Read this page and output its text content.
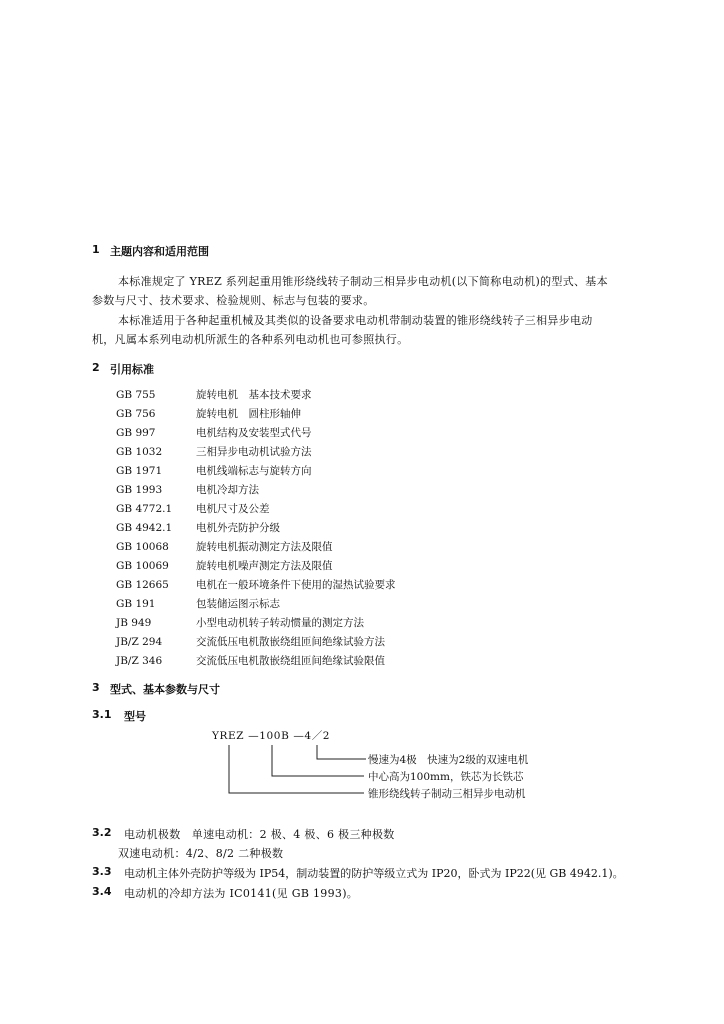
1 主题内容和适用范围
本标准规定了 YREZ 系列起重用锥形绕线转子制动三相异步电动机(以下简称电动机)的型式、基本
参数与尺寸、技术要求、检验规则、标志与包装的要求。
本标准适用于各种起重机械及其类似的设备要求电动机带制动装置的锥形绕线转子三相异步电动
机，凡属本系列电动机所派生的各种系列电动机也可参照执行。
2 引用标准
GB 755	旋转电机　基本技术要求
GB 756	旋转电机　圆柱形轴伸
GB 997	电机结构及安装型式代号
GB 1032	三相异步电动机试验方法
GB 1971	电机线端标志与旋转方向
GB 1993	电机冷却方法
GB 4772.1 电机尺寸及公差
GB 4942.1 电机外壳防护分级
GB 10068	旋转电机振动测定方法及限值
GB 10069	旋转电机噪声测定方法及限值
GB 12665	电机在一般环境条件下使用的湿热试验要求
GB 191	包装储运图示标志
JB 949	小型电动机转子转动惯量的测定方法
JB/Z 294	交流低压电机散嵌绕组匝间绝缘试验方法
JB/Z 346	交流低压电机散嵌绕组匝间绝缘试验限值
3 型式、基本参数与尺寸
3.1 型号
YREZ —100B —4／2
慢速为4极　快速为2级的双速电机
中心高为100mm，铁芯为长铁芯
锥形绕线转子制动三相异步电动机
3.2 电动机极数　单速电动机：2 极、4 极、6 极三种极数
双速电动机：4/2、8/2 二种极数
3.3 电动机主体外壳防护等级为 IP54，制动装置的防护等级立式为 IP20，卧式为 IP22(见 GB 4942.1)。
3.4 电动机的冷却方法为 IC0141(见 GB 1993)。
